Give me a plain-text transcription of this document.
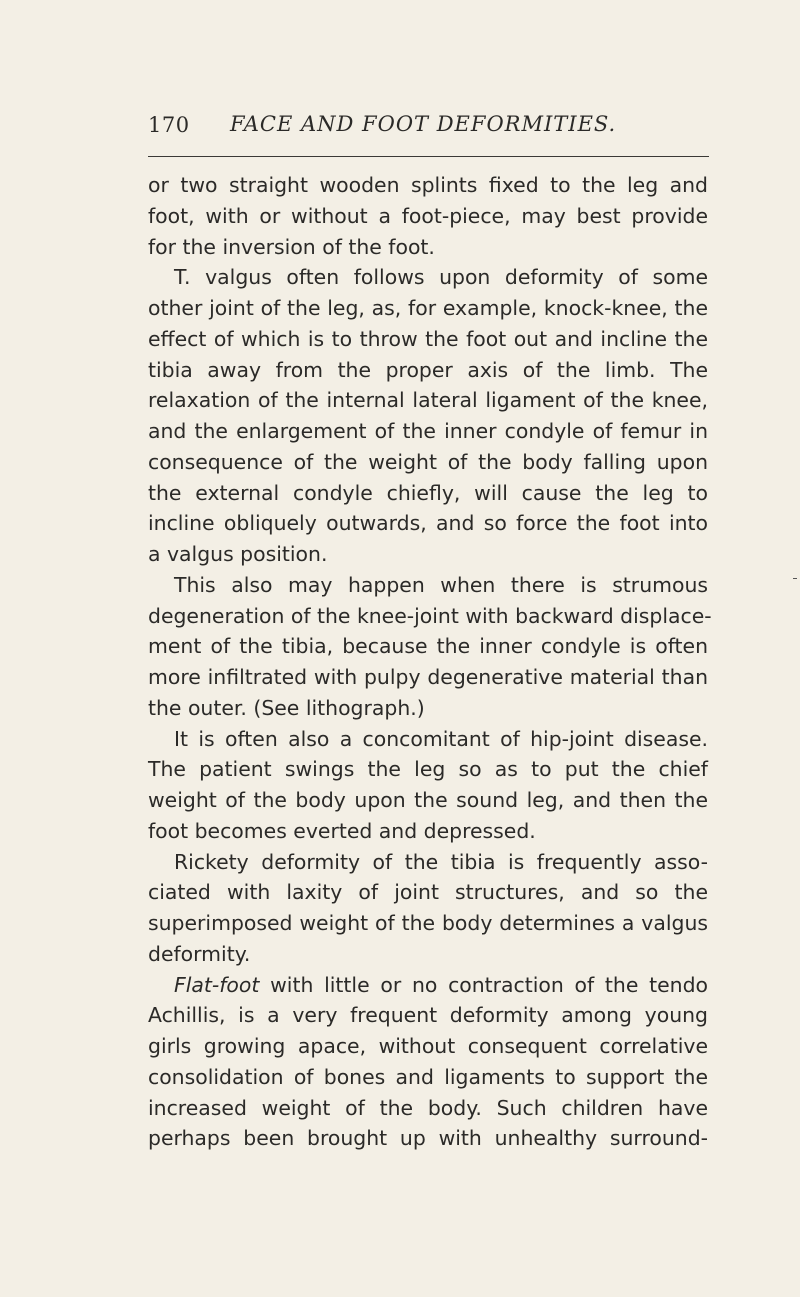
170 FACE AND FOOT DEFORMITIES.
or two straight wooden splints fixed to the leg and
foot, with or without a foot-piece, may best provide
for the inversion of the foot.
T. valgus often follows upon deformity of some
other joint of the leg, as, for example, knock-knee, the
effect of which is to throw the foot out and incline the
tibia away from the proper axis of the limb. The
relaxation of the internal lateral ligament of the knee,
and the enlargement of the inner condyle of femur in
consequence of the weight of the body falling upon
the external condyle chiefly, will cause the leg to
incline obliquely outwards, and so force the foot into
a valgus position.
This also may happen when there is strumous
degeneration of the knee-joint with backward displace-
ment of the tibia, because the inner condyle is often
more infiltrated with pulpy degenerative material than
the outer. (See lithograph.)
It is often also a concomitant of hip-joint disease.
The patient swings the leg so as to put the chief
weight of the body upon the sound leg, and then the
foot becomes everted and depressed.
Rickety deformity of the tibia is frequently asso-
ciated with laxity of joint structures, and so the
superimposed weight of the body determines a valgus
deformity.
Flat-foot with little or no contraction of the tendo
Achillis, is a very frequent deformity among young
girls growing apace, without consequent correlative
consolidation of bones and ligaments to support the
increased weight of the body. Such children have
perhaps been brought up with unhealthy surround-
